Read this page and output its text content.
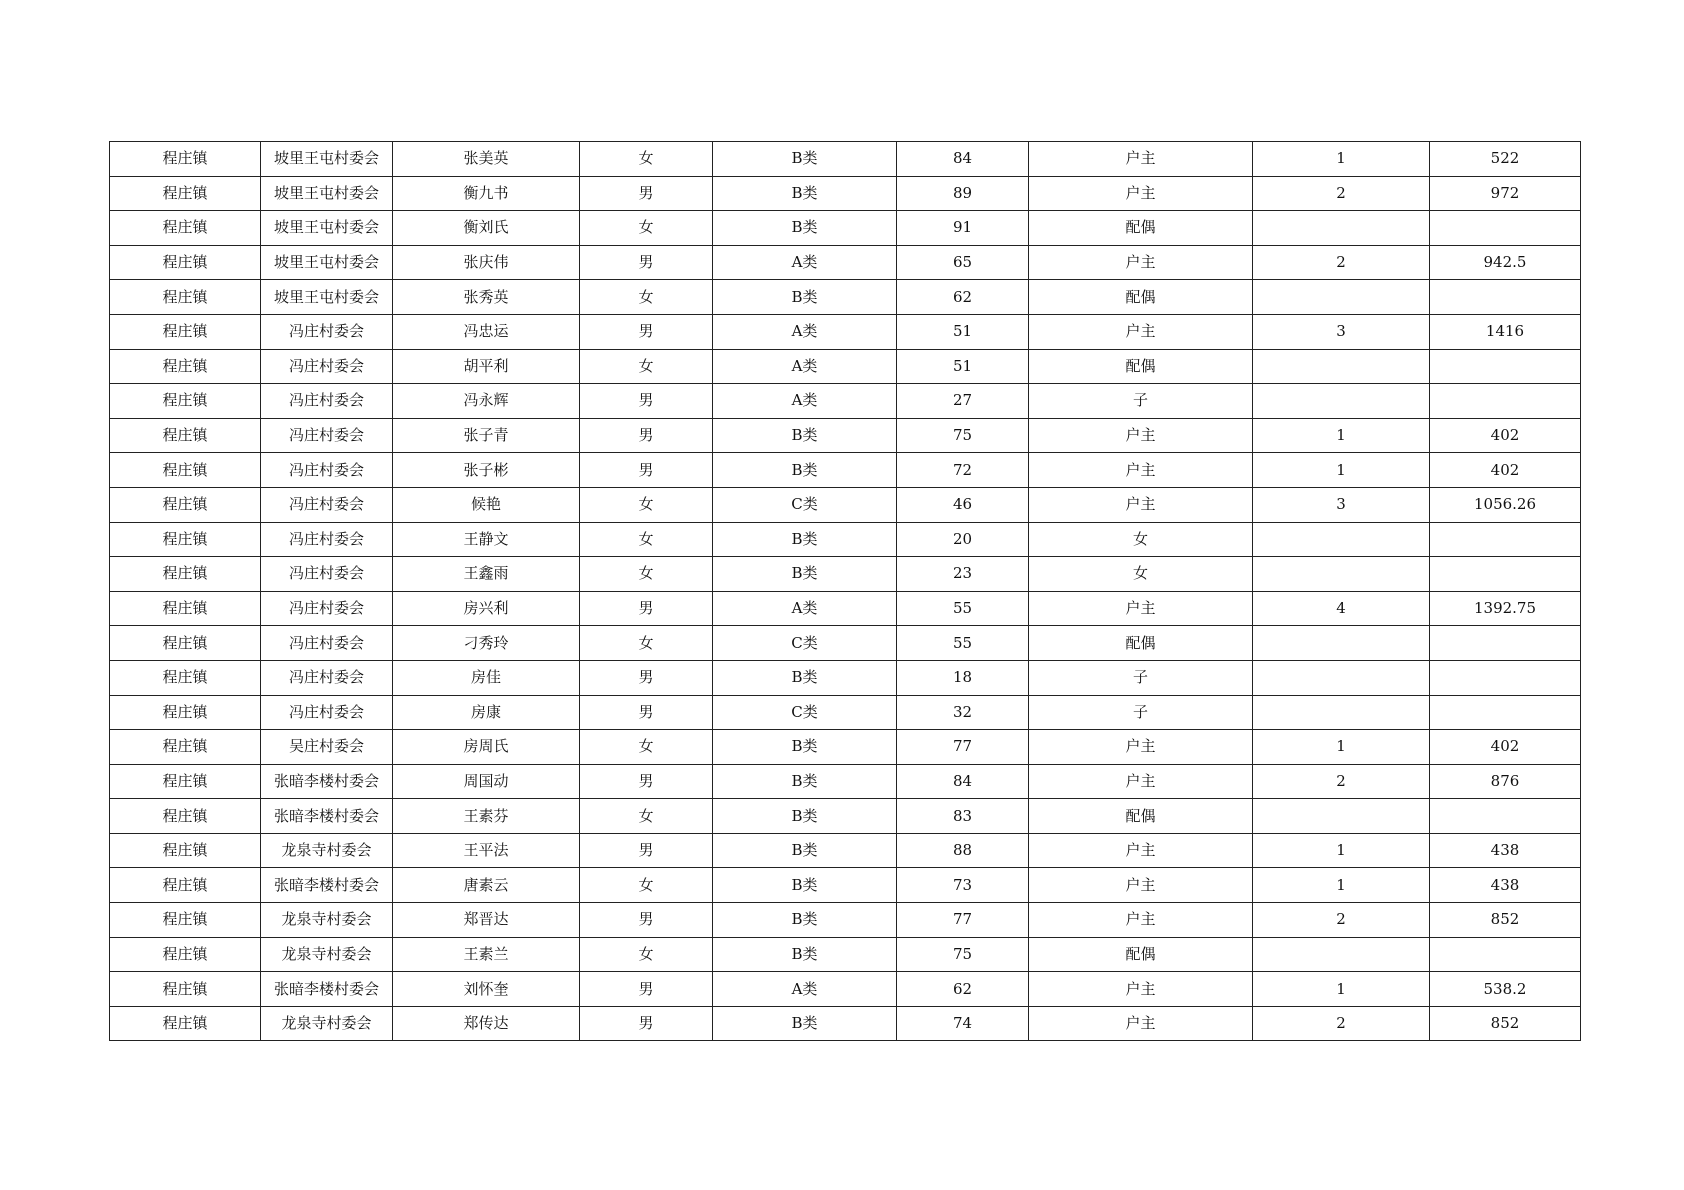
程庄镇	坡里王屯村委会	张美英	女	B类	84	户主	1	522
程庄镇	坡里王屯村委会	衡九书	男	B类	89	户主	2	972
程庄镇	坡里王屯村委会	衡刘氏	女	B类	91	配偶		
程庄镇	坡里王屯村委会	张庆伟	男	A类	65	户主	2	942.5
程庄镇	坡里王屯村委会	张秀英	女	B类	62	配偶		
程庄镇	冯庄村委会	冯忠运	男	A类	51	户主	3	1416
程庄镇	冯庄村委会	胡平利	女	A类	51	配偶		
程庄镇	冯庄村委会	冯永辉	男	A类	27	子		
程庄镇	冯庄村委会	张子青	男	B类	75	户主	1	402
程庄镇	冯庄村委会	张子彬	男	B类	72	户主	1	402
程庄镇	冯庄村委会	候艳	女	C类	46	户主	3	1056.26
程庄镇	冯庄村委会	王静文	女	B类	20	女		
程庄镇	冯庄村委会	王鑫雨	女	B类	23	女		
程庄镇	冯庄村委会	房兴利	男	A类	55	户主	4	1392.75
程庄镇	冯庄村委会	刁秀玲	女	C类	55	配偶		
程庄镇	冯庄村委会	房佳	男	B类	18	子		
程庄镇	冯庄村委会	房康	男	C类	32	子		
程庄镇	吴庄村委会	房周氏	女	B类	77	户主	1	402
程庄镇	张暗李楼村委会	周国动	男	B类	84	户主	2	876
程庄镇	张暗李楼村委会	王素芬	女	B类	83	配偶		
程庄镇	龙泉寺村委会	王平法	男	B类	88	户主	1	438
程庄镇	张暗李楼村委会	唐素云	女	B类	73	户主	1	438
程庄镇	龙泉寺村委会	郑晋达	男	B类	77	户主	2	852
程庄镇	龙泉寺村委会	王素兰	女	B类	75	配偶		
程庄镇	张暗李楼村委会	刘怀奎	男	A类	62	户主	1	538.2
程庄镇	龙泉寺村委会	郑传达	男	B类	74	户主	2	852
